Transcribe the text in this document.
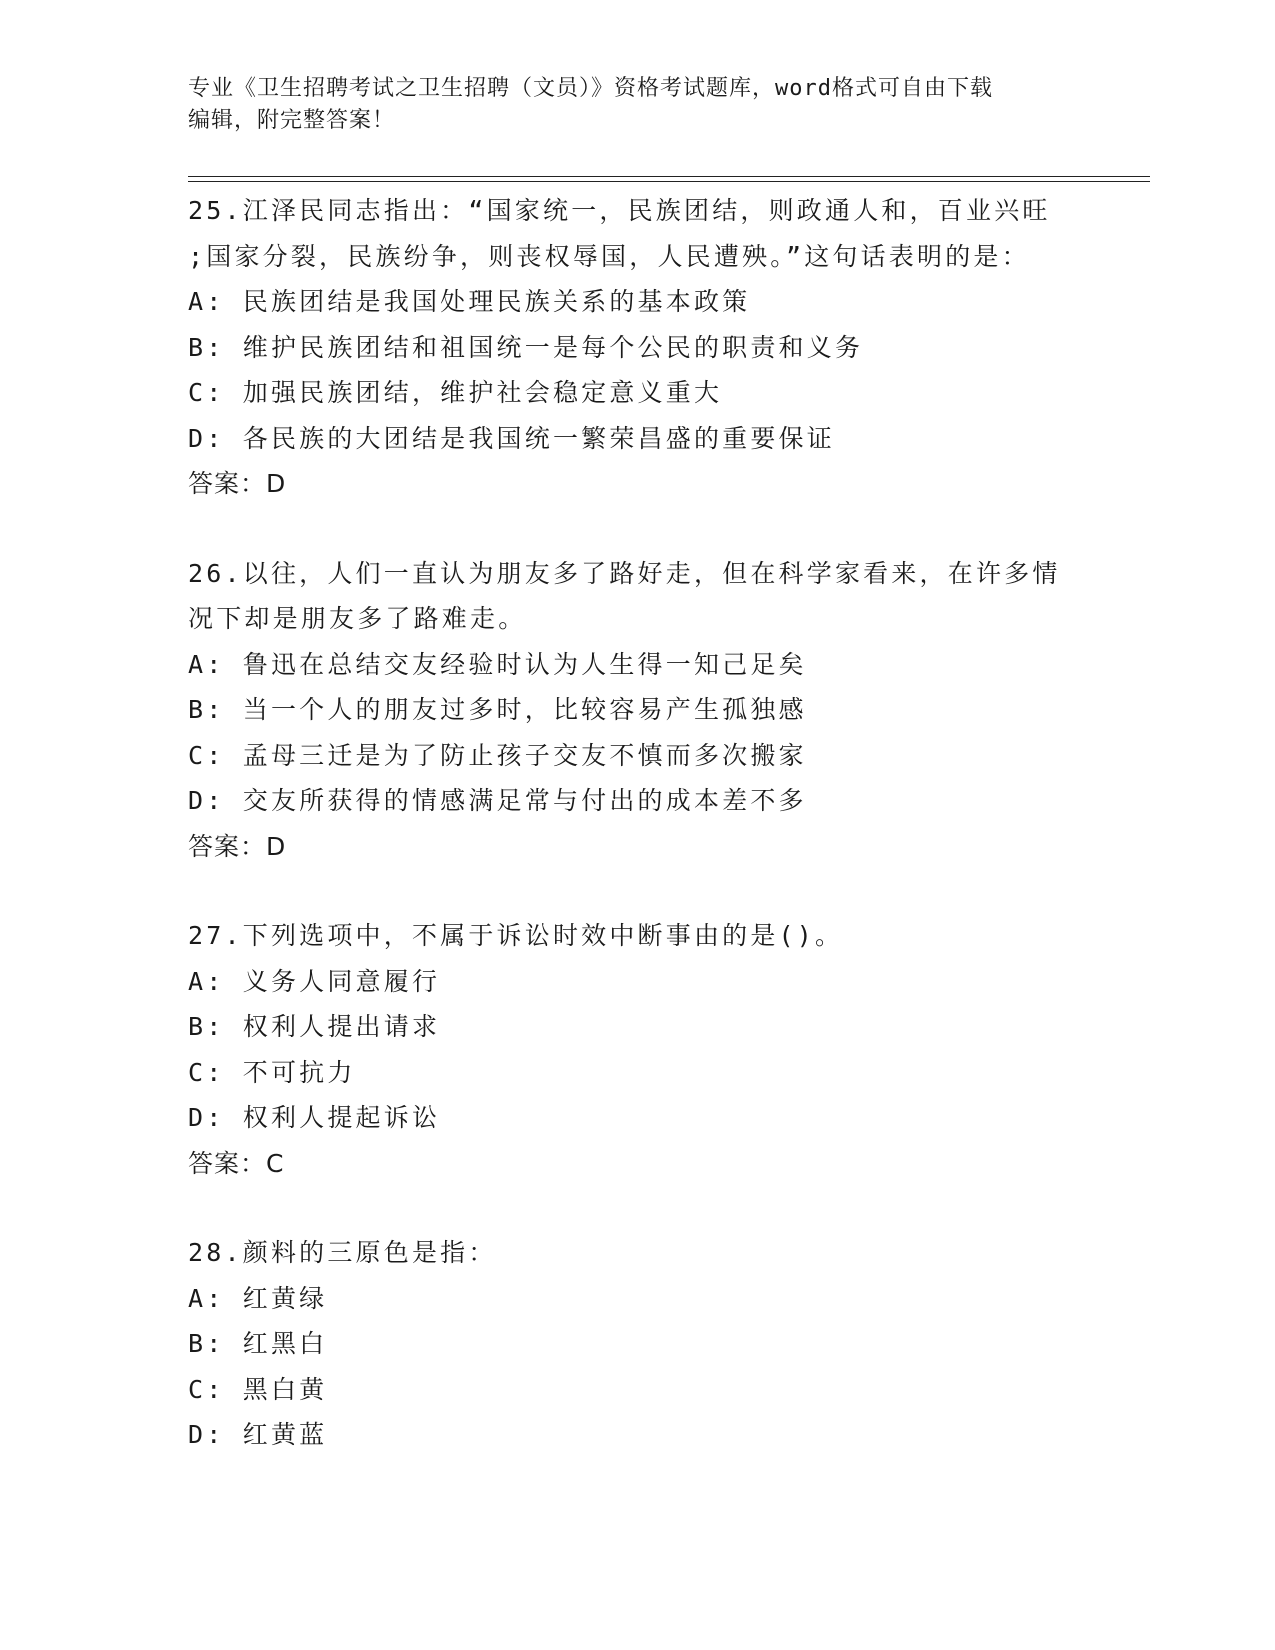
专业《卫生招聘考试之卫生招聘（文员）》资格考试题库，word格式可自由下载
编辑，附完整答案！
25.江泽民同志指出：“国家统一，民族团结，则政通人和，百业兴旺
;国家分裂，民族纷争，则丧权辱国，人民遭殃。”这句话表明的是：
A: 民族团结是我国处理民族关系的基本政策
B: 维护民族团结和祖国统一是每个公民的职责和义务
C: 加强民族团结，维护社会稳定意义重大
D: 各民族的大团结是我国统一繁荣昌盛的重要保证
答案：D
26.以往，人们一直认为朋友多了路好走，但在科学家看来，在许多情
况下却是朋友多了路难走。
A: 鲁迅在总结交友经验时认为人生得一知己足矣
B: 当一个人的朋友过多时，比较容易产生孤独感
C: 孟母三迁是为了防止孩子交友不慎而多次搬家
D: 交友所获得的情感满足常与付出的成本差不多
答案：D
27.下列选项中，不属于诉讼时效中断事由的是()。
A: 义务人同意履行
B: 权利人提出请求
C: 不可抗力
D: 权利人提起诉讼
答案：C
28.颜料的三原色是指：
A: 红黄绿
B: 红黑白
C: 黑白黄
D: 红黄蓝
